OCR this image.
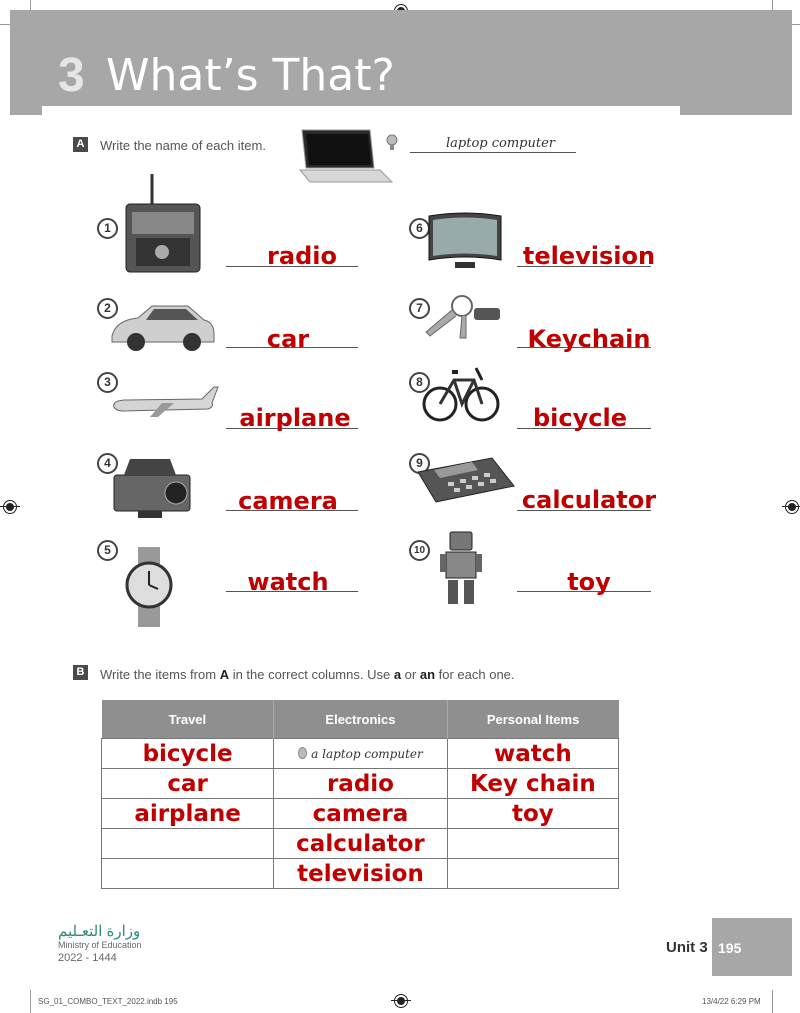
3 What’s That?
A Write the name of each item.	laptop computer
1
2
3
4
5
6
7
8
9
10
radio
car
airplane
camera
watch
television
Keychain
bicycle
calculator
toy
B Write the items from A in the correct columns. Use a or an for each one.
Travel	Electronics	Personal Items
bicycle	a laptop computer	watch
car	radio	Key chain
airplane	camera	toy
	calculator	
	television	
وزارة التعـليم
Ministry of Education
2022 - 1444
Unit 3 195
SG_01_COMBO_TEXT_2022.indb 195	13/4/22 6:29 PM
